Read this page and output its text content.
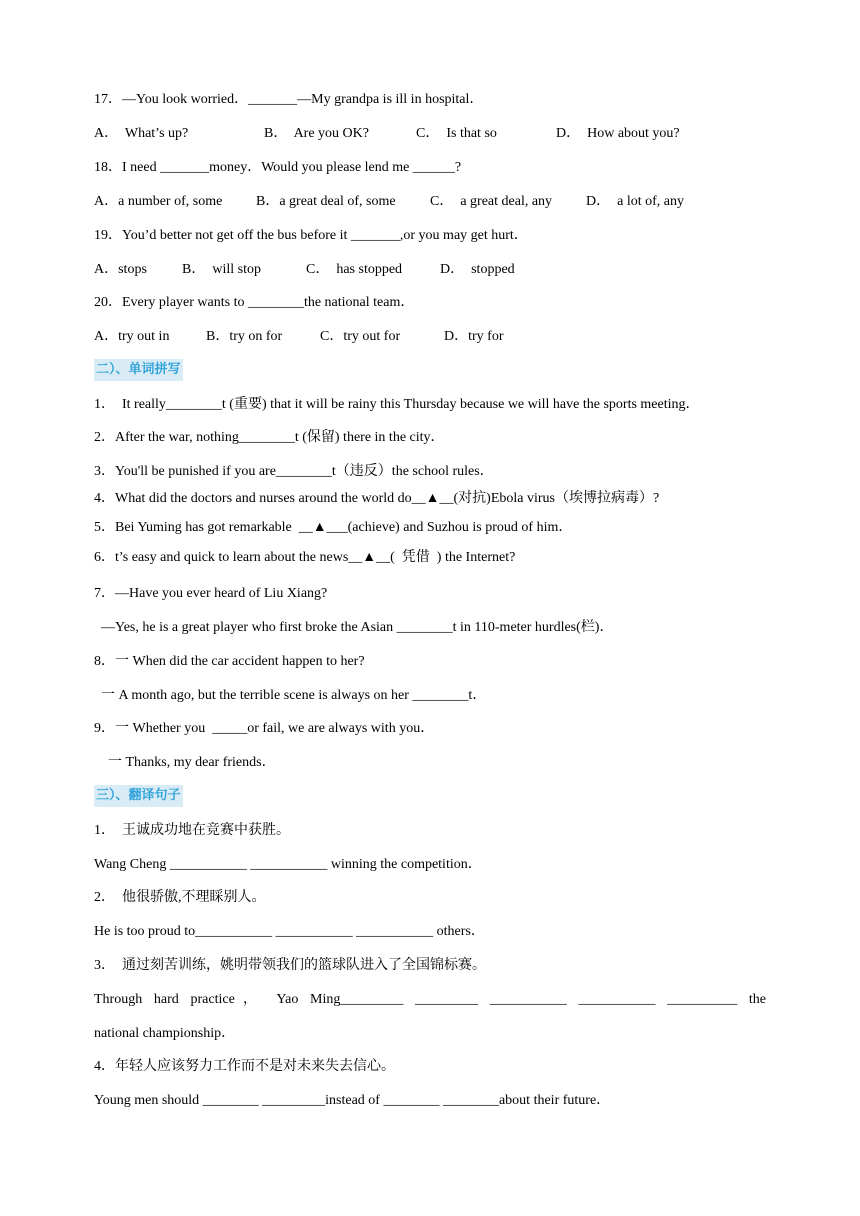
17．—You look worried．_______—My grandpa is ill in hospital．
A．  What’s up?	B．  Are you OK?	C．  Is that so	D．  How about you?
18．I need _______money．Would you please lend me ______?
A．a number of, some B．a great deal of, some C．  a great deal, any D．  a lot of, any
19．You’d better not get off the bus before it _______,or you may get hurt．
A．stops	B．  will stop	C．  has stopped	D．  stopped
20．Every player wants to ________the national team．
A．try out in	B．try on for	C．try out for	D．try for
二）、单词拼写
1．  It really________t (重要) that it will be rainy this Thursday because we will have the sports meeting．
2．After the war, nothing________t (保留) there in the city．
3．You'll be punished if you are________t（违反）the school rules．
4．What did the doctors and nurses around the world do__▲__(对抗)Ebola virus（埃博拉病毒）?
5．Bei Yuming has got remarkable  __▲___(achieve) and Suzhou is proud of him．
6．t’s easy and quick to learn about the news__▲__(  凭借  ) the Internet?
7．—Have you ever heard of Liu Xiang?
—Yes, he is a great player who first broke the Asian ________t in 110-meter hurdles(栏)．
8．一 When did the car accident happen to her?
一 A month ago, but the terrible scene is always on her ________t．
9．一 Whether you  _____or fail, we are always with you．
一 Thanks, my dear friends．
三）、翻译句子
1．  王诚成功地在竞赛中获胜。
Wang Cheng ___________ ___________ winning the competition．
2．  他很骄傲,不理睬别人。
He is too proud to___________ ___________ ___________ others．
3．  通过刻苦训练，姚明带领我们的篮球队进入了全国锦标赛。
Through hard practice， Yao Ming_________ _________ ___________ ___________ __________ the
national championship．
4．年轻人应该努力工作而不是对未来失去信心。
Young men should ________ _________instead of ________ ________about their future．
